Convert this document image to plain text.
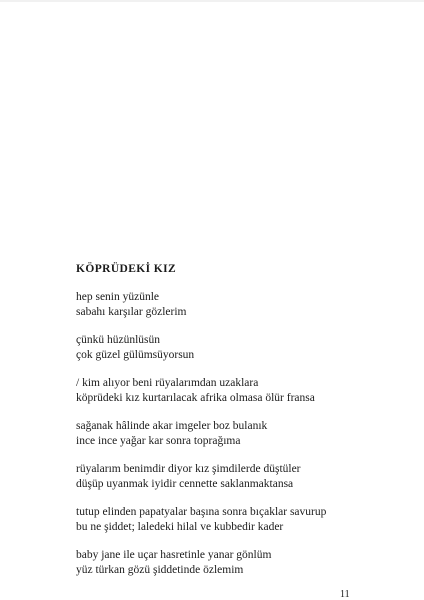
KÖPRÜDEKİ KIZ
hep senin yüzünle
sabahı karşılar gözlerim
çünkü hüzünlüsün
çok güzel gülümsüyorsun
/ kim alıyor beni rüyalarımdan uzaklara
köprüdeki kız kurtarılacak afrika olmasa ölür fransa
sağanak hâlinde akar imgeler boz bulanık
ince ince yağar kar sonra toprağıma
rüyalarım benimdir diyor kız şimdilerde düştüler
düşüp uyanmak iyidir cennette saklanmaktansa
tutup elinden papatyalar başına sonra bıçaklar savurup
bu ne şiddet; laledeki hilal ve kubbedir kader
baby jane ile uçar hasretinle yanar gönlüm
yüz türkan gözü şiddetinde özlemim
11
